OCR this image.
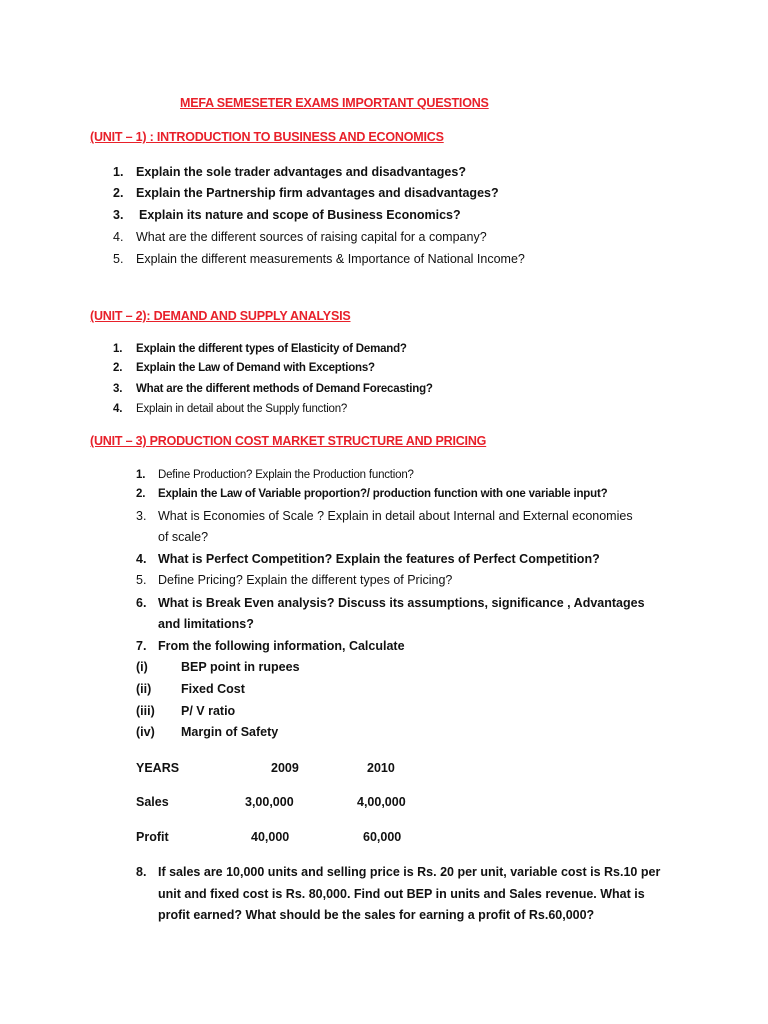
MEFA SEMESETER EXAMS IMPORTANT QUESTIONS
(UNIT – 1) : INTRODUCTION TO BUSINESS AND ECONOMICS
1. Explain the sole trader advantages and disadvantages?
2. Explain the Partnership firm advantages and disadvantages?
3. Explain its nature and scope of Business Economics?
4. What are the different sources of raising capital for a company?
5. Explain the different measurements & Importance of National Income?
(UNIT – 2): DEMAND AND SUPPLY ANALYSIS
1. Explain the different types of Elasticity of Demand?
2. Explain the Law of Demand with Exceptions?
3. What are the different methods of Demand Forecasting?
4. Explain in detail about the Supply function?
(UNIT – 3) PRODUCTION COST MARKET STRUCTURE AND PRICING
1. Define Production? Explain the Production function?
2. Explain the Law of Variable proportion?/ production function with one variable input?
3. What is Economies of Scale ? Explain in detail about Internal and External economies
of scale?
4. What is Perfect Competition? Explain the features of Perfect Competition?
5. Define Pricing? Explain the different types of Pricing?
6. What is Break Even analysis? Discuss its assumptions, significance , Advantages
and limitations?
7. From the following information, Calculate
(i)	BEP point in rupees
(ii) Fixed Cost
(iii) P/ V ratio
(iv) Margin of Safety
YEARS	2009	2010
Sales	3,00,000	4,00,000
Profit	40,000	60,000
8. If sales are 10,000 units and selling price is Rs. 20 per unit, variable cost is Rs.10 per
unit and fixed cost is Rs. 80,000. Find out BEP in units and Sales revenue. What is
profit earned? What should be the sales for earning a profit of Rs.60,000?
